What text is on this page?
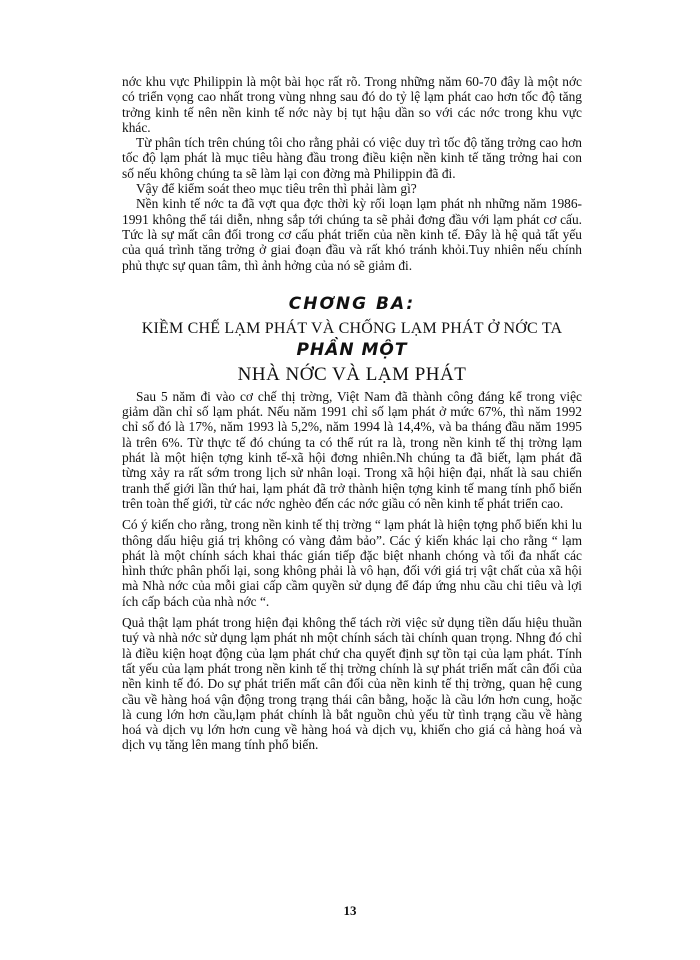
nớc khu vực Philippin là một bài học rất rõ. Trong những năm 60-70 đây là một nớc có triển vọng cao nhất trong vùng nhng sau đó do tỷ lệ lạm phát cao hơn tốc độ tăng trởng kinh tế nên nền kinh tế nớc này bị tụt hậu dần so với các nớc trong khu vực khác.

Từ phân tích trên chúng tôi cho rằng phải có việc duy trì tốc độ tăng trởng cao hơn tốc độ lạm phát là mục tiêu hàng đầu trong điều kiện nền kinh tế tăng trởng hai con số nếu không chúng ta sẽ làm lại con đờng mà Philippin đã đi.

Vậy để kiểm soát theo mục tiêu trên thì phải làm gì?

Nền kinh tế nớc ta đã vợt qua đợc thời kỳ rối loạn lạm phát nh những năm 1986-1991 không thể tái diễn, nhng sắp tới chúng ta sẽ phải đơng đầu với lạm phát cơ cấu. Tức là sự mất cân đối trong cơ cấu phát triển của nền kinh tế. Đây là hệ quả tất yếu của quá trình tăng trởng ở giai đoạn đầu và rất khó tránh khỏi.Tuy nhiên nếu chính phủ thực sự quan tâm, thì ảnh hởng của nó sẽ giảm đi.

CHƠNG BA:
KIỀM CHẾ LẠM PHÁT VÀ CHỐNG LẠM PHÁT Ở NỚC TA
PHẦN MỘT
NHÀ NỚC VÀ LẠM PHÁT

Sau 5 năm đi vào cơ chế thị trờng, Việt Nam đã thành công đáng kể trong việc giảm dần chỉ số lạm phát. Nếu năm 1991 chỉ số lạm phát ở mức 67%, thì năm 1992 chỉ số đó là 17%, năm 1993 là 5,2%, năm 1994 là 14,4%, và ba tháng đầu năm 1995 là trên 6%. Từ thực tế đó chúng ta có thể rút ra là, trong nền kinh tế thị trờng lạm phát là một hiện tợng kinh tế-xã hội đơng nhiên.Nh chúng ta đã biết, lạm phát đã từng xảy ra rất sớm trong lịch sử nhân loại. Trong xã hội hiện đại, nhất là sau chiến tranh thế giới lần thứ hai, lạm phát đã trở thành hiện tợng kinh tế mang tính phổ biến trên toàn thế giới, từ các nớc nghèo đến các nớc giầu có nền kinh tế phát triển cao.

Có ý kiến cho rằng, trong nền kinh tế thị trờng “ lạm phát là hiện tợng phổ biến khi lu thông dấu hiệu giá trị không có vàng đảm bảo”. Các ý kiến khác lại cho rằng “ lạm phát là một chính sách khai thác gián tiếp đặc biệt nhanh chóng và tối đa nhất các hình thức phân phối lại, song không phải là vô hạn, đối với giá trị vật chất của xã hội mà Nhà nớc của mỗi giai cấp cầm quyền sử dụng để đáp ứng nhu cầu chi tiêu và lợi ích cấp bách của nhà nớc “.

Quả thật lạm phát trong hiện đại không thể tách rời việc sử dụng tiền dấu hiệu thuần tuý và nhà nớc sử dụng lạm phát nh một chính sách tài chính quan trọng. Nhng đó chỉ là điều kiện hoạt động của lạm phát chứ cha quyết định sự tồn tại của lạm phát. Tính tất yếu của lạm phát trong nền kinh tế thị trờng chính là sự phát triển mất cân đối của nền kinh tế đó. Do sự phát triển mất cân đối của nền kinh tế thị trờng, quan hệ cung cầu về hàng hoá vận động trong trạng thái cân bằng, hoặc là cầu lớn hơn cung, hoặc là cung lớn hơn cầu,lạm phát chính là bắt nguồn chủ yếu từ tình trạng cầu về hàng hoá và dịch vụ lớn hơn cung về hàng hoá và dịch vụ, khiến cho giá cả hàng hoá và dịch vụ tăng lên mang tính phổ biến.

13
